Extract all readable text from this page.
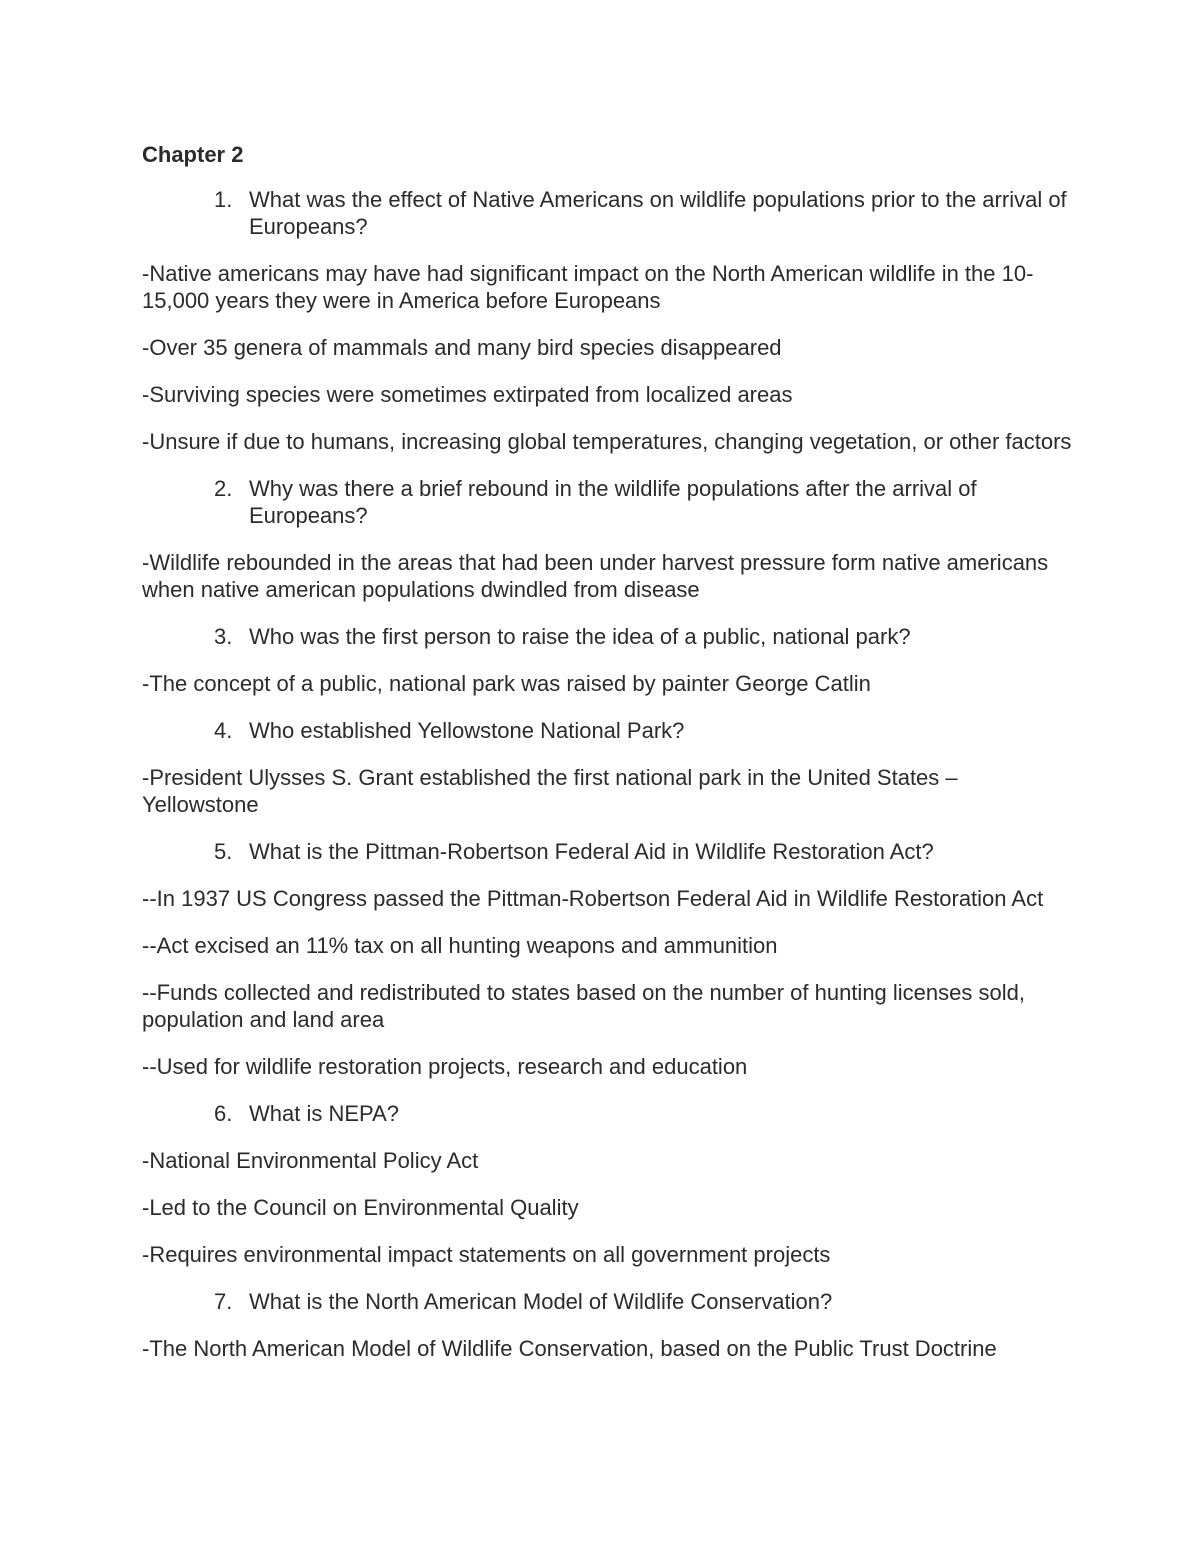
Chapter 2
1. What was the effect of Native Americans on wildlife populations prior to the arrival of Europeans?
-Native americans may have had significant impact on the North American wildlife in the 10-15,000 years they were in America before Europeans
-Over 35 genera of mammals and many bird species disappeared
-Surviving species were sometimes extirpated from localized areas
-Unsure if due to humans, increasing global temperatures, changing vegetation, or other factors
2. Why was there a brief rebound in the wildlife populations after the arrival of Europeans?
-Wildlife rebounded in the areas that had been under harvest pressure form native americans when native american populations dwindled from disease
3. Who was the first person to raise the idea of a public, national park?
-The concept of a public, national park was raised by painter George Catlin
4. Who established Yellowstone National Park?
-President Ulysses S. Grant established the first national park in the United States – Yellowstone
5. What is the Pittman-Robertson Federal Aid in Wildlife Restoration Act?
--In 1937 US Congress passed the Pittman-Robertson Federal Aid in Wildlife Restoration Act
--Act excised an 11% tax on all hunting weapons and ammunition
--Funds collected and redistributed to states based on the number of hunting licenses sold, population and land area
--Used for wildlife restoration projects, research and education
6. What is NEPA?
-National Environmental Policy Act
-Led to the Council on Environmental Quality
-Requires environmental impact statements on all government projects
7. What is the North American Model of Wildlife Conservation?
-The North American Model of Wildlife Conservation, based on the Public Trust Doctrine
